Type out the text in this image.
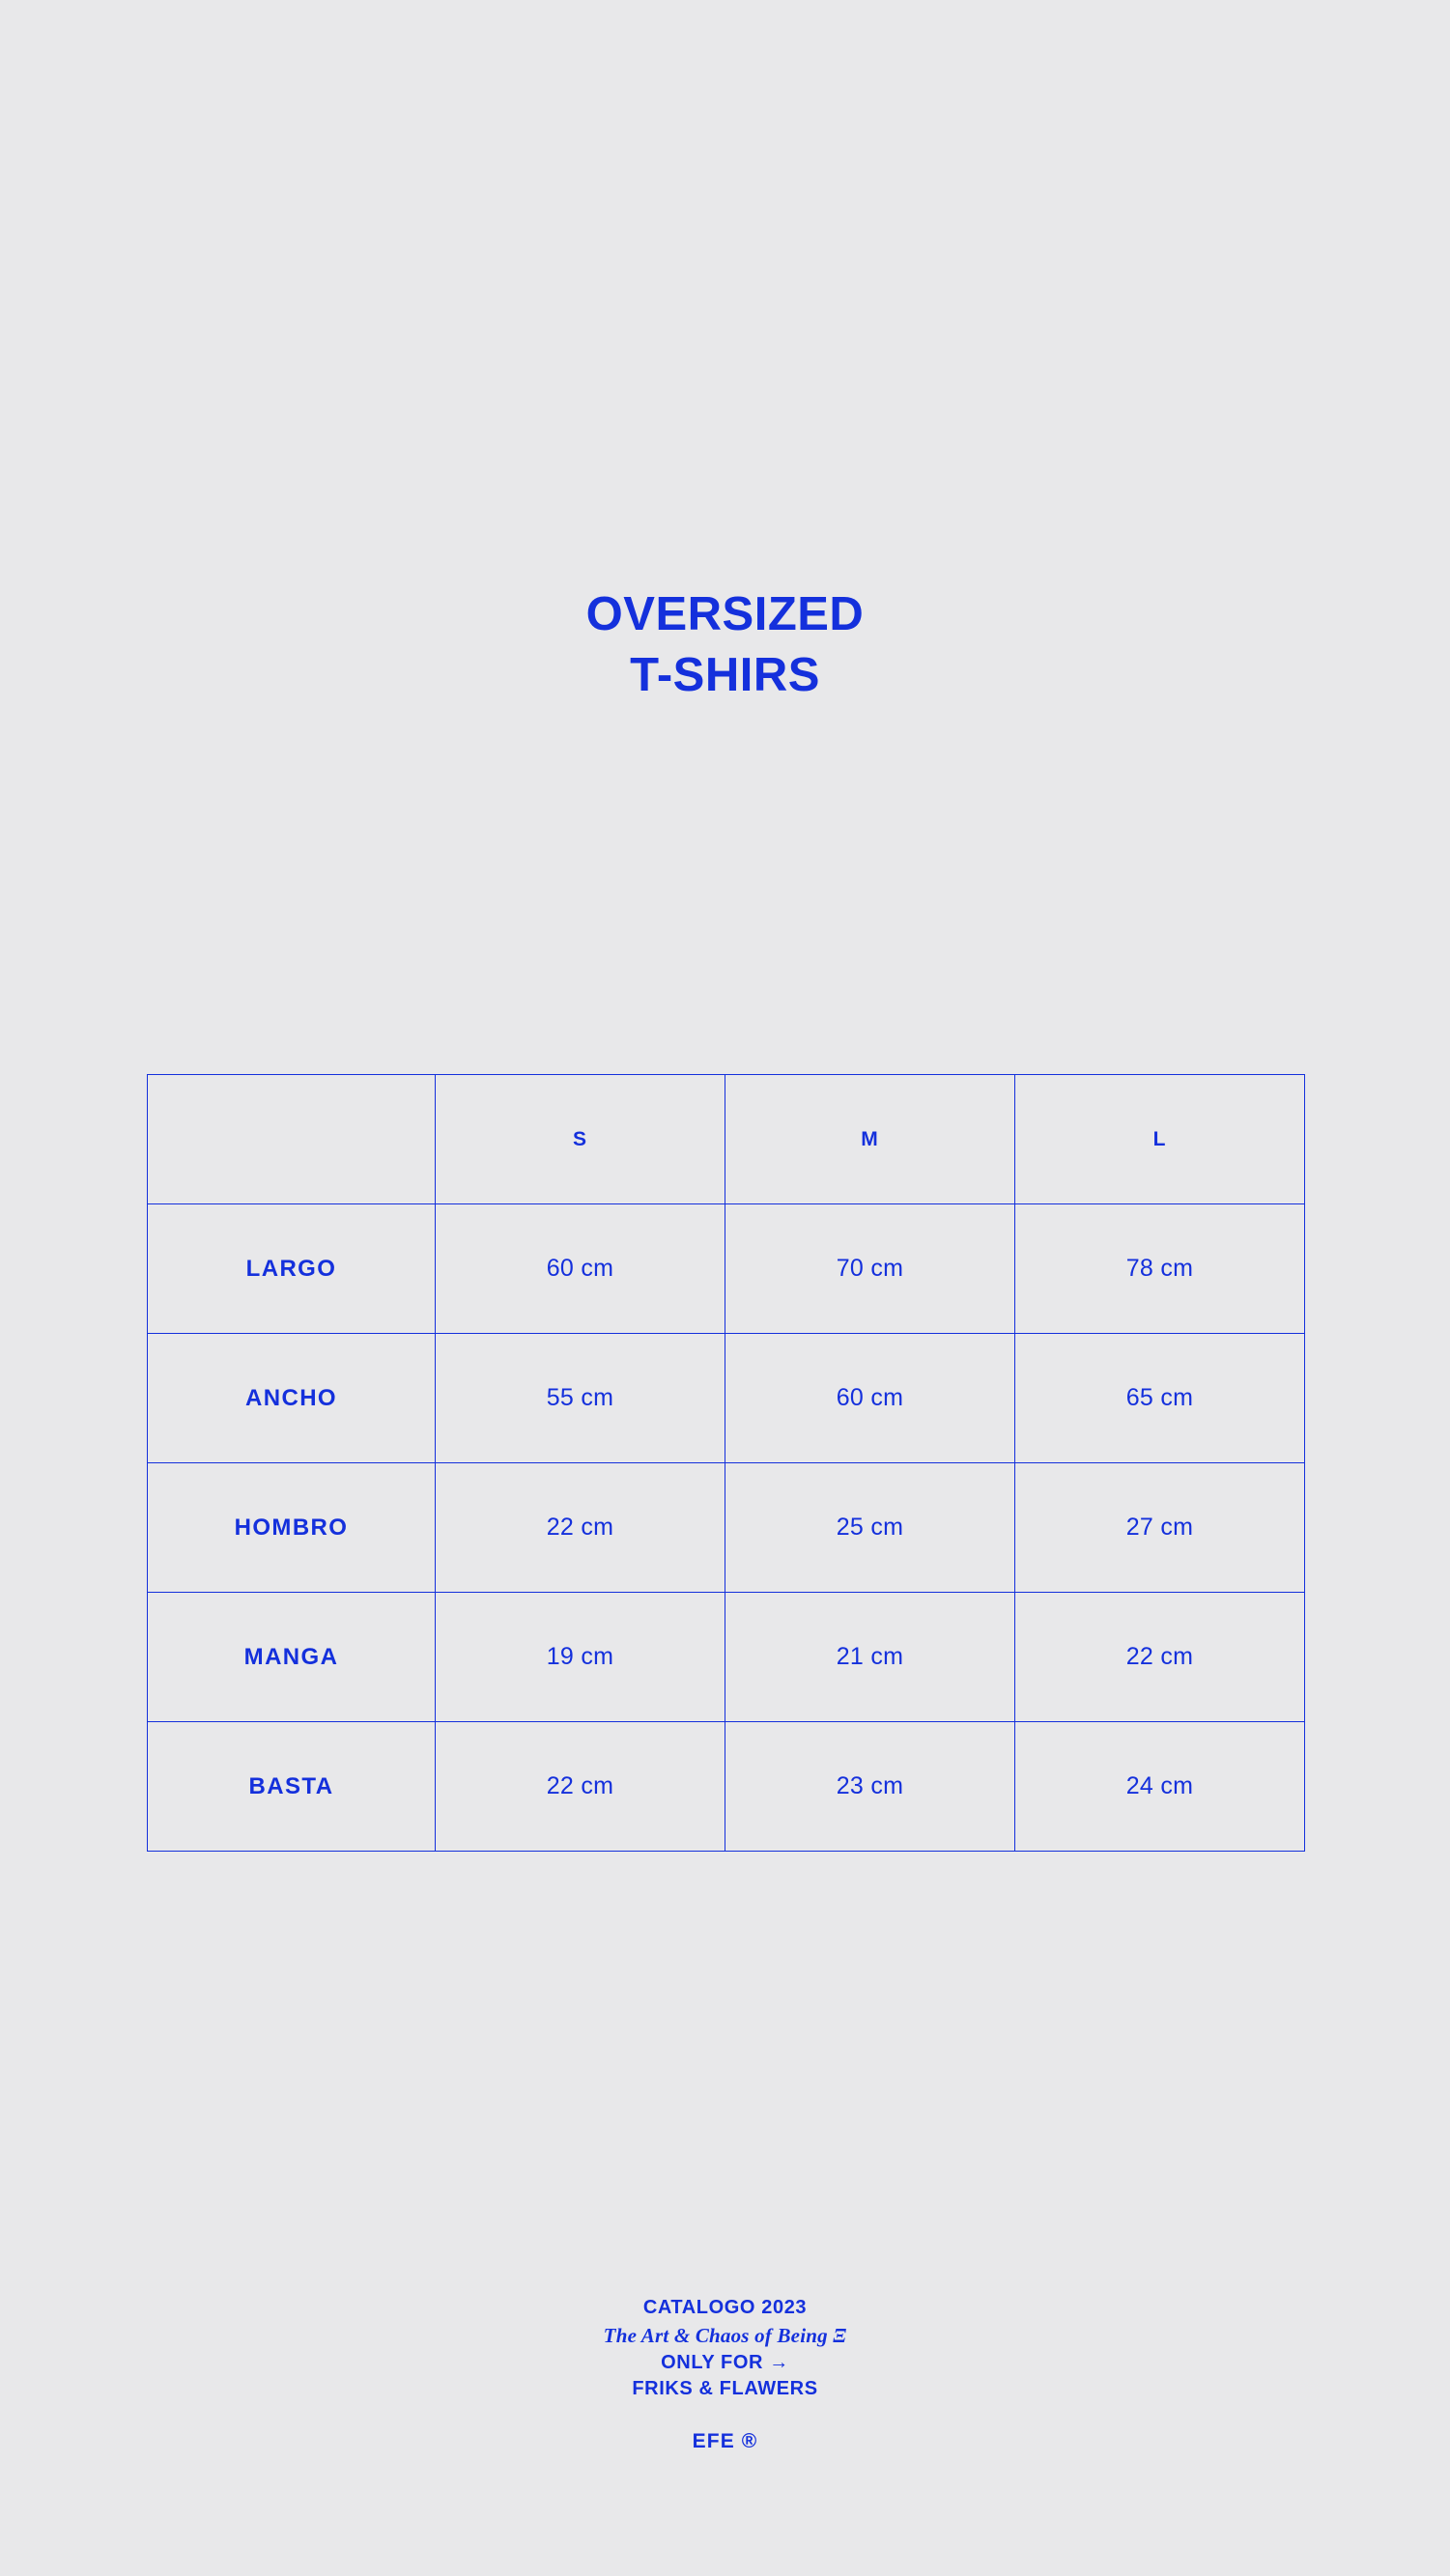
OVERSIZED
T-SHIRS
	S	M	L
LARGO	60 cm	70 cm	78 cm
ANCHO	55 cm	60 cm	65 cm
HOMBRO	22 cm	25 cm	27 cm
MANGA	19 cm	21 cm	22 cm
BASTA	22 cm	23 cm	24 cm
CATALOGO 2023
The Art & Chaos of Being Ξ
ONLY FOR →
FRIKS & FLAWERS
EFE ®
